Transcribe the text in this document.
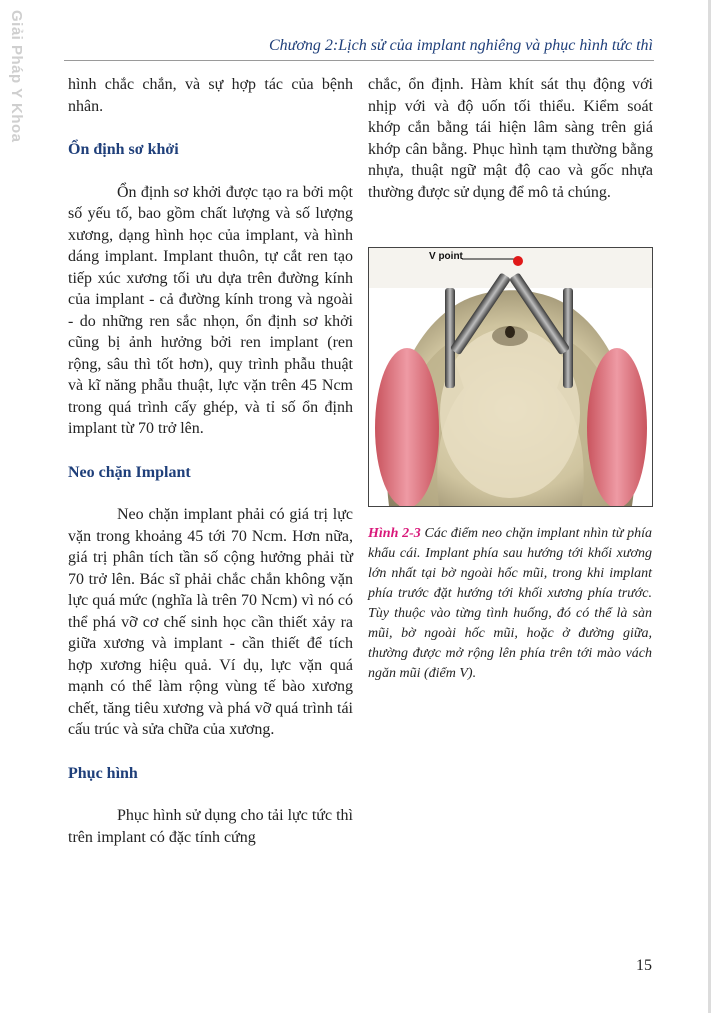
Giải Pháp Y Khoa	Chương 2:Lịch sử của implant nghiêng và phục hình tức thì

hình chắc chắn, và sự hợp tác của bệnh nhân.

Ổn định sơ khởi

Ổn định sơ khởi được tạo ra bởi một số yếu tố, bao gồm chất lượng và số lượng xương, dạng hình học của implant, và hình dáng implant. Implant thuôn, tự cắt ren tạo tiếp xúc xương tối ưu dựa trên đường kính của implant - cả đường kính trong và ngoài - do những ren sắc nhọn, ổn định sơ khởi cũng bị ảnh hưởng bởi ren implant (ren rộng, sâu thì tốt hơn), quy trình phẫu thuật và kĩ năng phẫu thuật, lực vặn trên 45 Ncm trong quá trình cấy ghép, và tỉ số ổn định implant từ 70 trở lên.

Neo chặn Implant

Neo chặn implant phải có giá trị lực vặn trong khoảng 45 tới 70 Ncm. Hơn nữa, giá trị phân tích tần số cộng hưởng phải từ 70 trở lên. Bác sĩ phải chắc chắn không vặn lực quá mức (nghĩa là trên 70 Ncm) vì nó có thể phá vỡ cơ chế sinh học cần thiết xảy ra giữa xương và implant - cần thiết để tích hợp xương hiệu quả. Ví dụ, lực vặn quá mạnh có thể làm rộng vùng tế bào xương chết, tăng tiêu xương và phá vỡ quá trình tái cấu trúc và sửa chữa của xương.

Phục hình

Phục hình sử dụng cho tải lực tức thì trên implant có đặc tính cứng

chắc, ổn định. Hàm khít sát thụ động với nhịp với và độ uốn tối thiểu. Kiểm soát khớp cắn bằng tái hiện lâm sàng trên giá khớp cân bằng. Phục hình tạm thường bằng nhựa, thuật ngữ mật độ cao và gốc nhựa thường được sử dụng để mô tả chúng.

V point
Hình 2-3 Các điểm neo chặn implant nhìn từ phía khẩu cái. Implant phía sau hướng tới khối xương lớn nhất tại bờ ngoài hốc mũi, trong khi implant phía trước đặt hướng tới khối xương phía trước. Tùy thuộc vào từng tình huống, đó có thể là sàn mũi, bờ ngoài hốc mũi, hoặc ở đường giữa, thường được mở rộng lên phía trên tới mào vách ngăn mũi (điểm V).
15
